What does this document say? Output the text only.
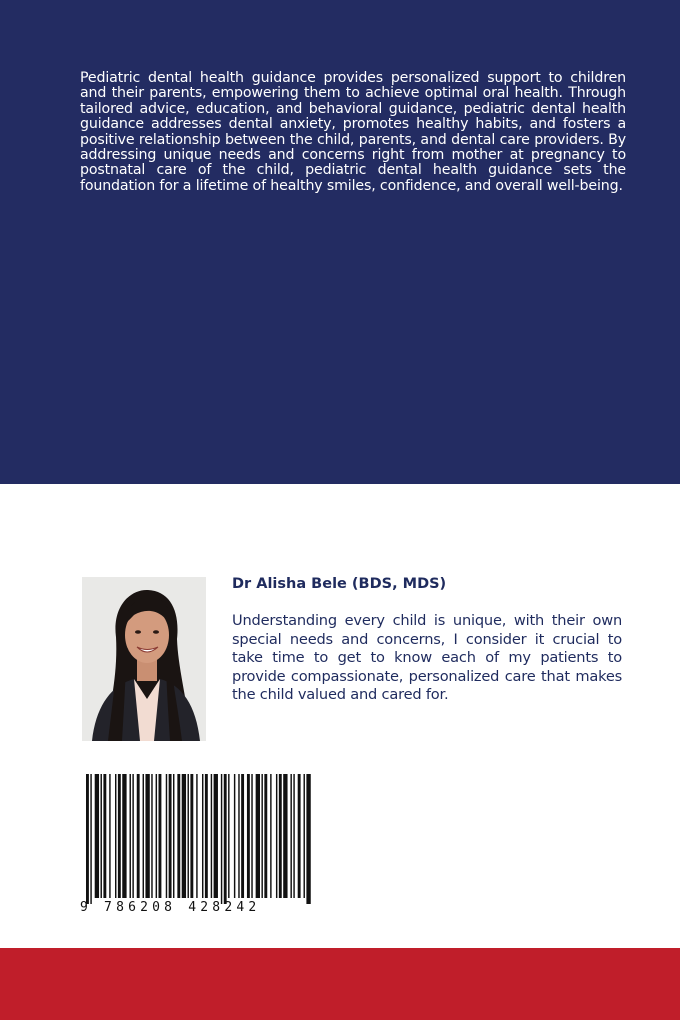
Pediatric dental health guidance provides personalized support to children and their parents, empowering them to achieve optimal oral health. Through tailored advice, education, and behavioral guidance, pediatric dental health guidance addresses dental anxiety, promotes healthy habits, and fosters a positive relationship between the child, parents, and dental care providers. By addressing unique needs and concerns right from mother at pregnancy to postnatal care of the child, pediatric dental health guidance sets the foundation for a lifetime of healthy smiles, confidence, and overall well-being.

Dr Alisha Bele (BDS, MDS)

Understanding every child is unique, with their own special needs and concerns, I consider it crucial to take time to get to know each of my patients to provide compassionate, personalized care that makes the child valued and cared for.

9 786208 428242
